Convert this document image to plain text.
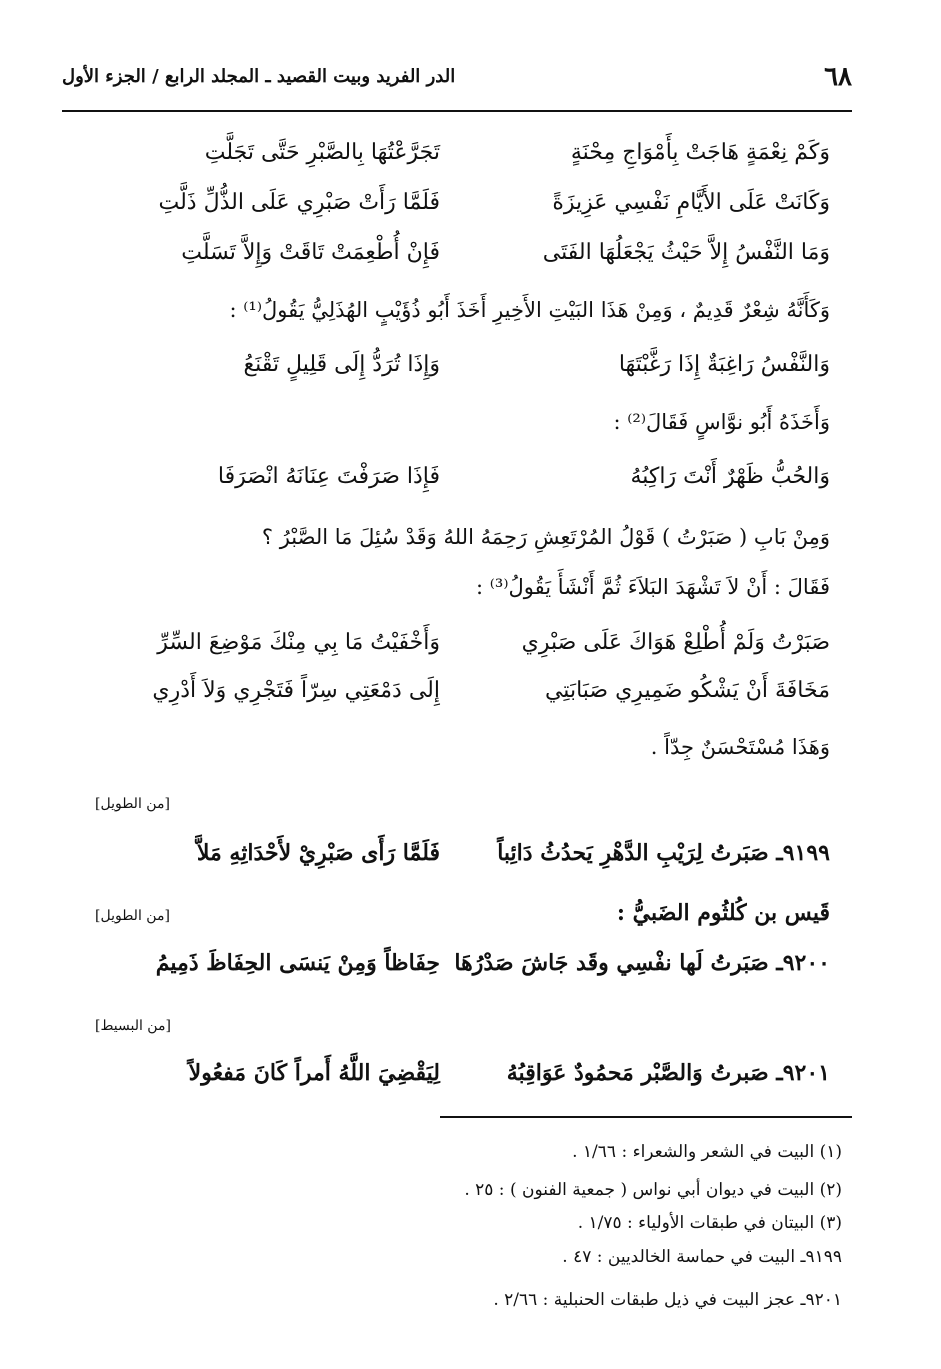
٦٨
الدر الفريد وبيت القصيد ـ المجلد الرابع / الجزء الأول
وَكَمْ نِعْمَةٍ هَاجَتْ بِأَمْوَاجِ مِحْنَةٍ
تَجَرَّعْتُهَا بِالصَّبْرِ حَتَّى تَجَلَّتِ
وَكَانَتْ عَلَى الأَيَّامِ نَفْسِي عَزِيزَةً
فَلَمَّا رَأَتْ صَبْرِي عَلَى الذُّلِّ ذَلَّتِ
وَمَا النَّفْسُ إِلاَّ حَيْثُ يَجْعَلُهَا الفَتَى
فَإِنْ أُطْعِمَتْ تَاقَتْ وَإِلاَّ تَسَلَّتِ
وَكَأَنَّهُ شِعْرٌ قَدِيمٌ ، وَمِنْ هَذَا البَيْتِ الأَخِيرِ أَخَذَ أَبُو ذُؤَيْبٍ الهُذَلِيُّ يَقُولُ⁽¹⁾ :
وَالنَّفْسُ رَاغِبَةٌ إِذَا رَغَّبْتَهَا
وَإِذَا تُرَدُّ إِلَى قَلِيلٍ تَقْنَعُ
وَأَخَذَهُ أَبُو نوَّاسٍ فَقَالَ⁽²⁾ :
وَالحُبُّ ظَهْرٌ أَنْتَ رَاكِبُهُ
فَإِذَا صَرَفْتَ عِنَانَهُ انْصَرَفَا
وَمِنْ بَابِ ( صَبَرْتُ ) قَوْلُ المُرْتَعِشِ رَحِمَهُ اللهُ وَقَدْ سُئِلَ مَا الصَّبْرُ ؟
فَقَالَ : أَنْ لاَ تَشْهَدَ البَلاَءَ ثُمَّ أَنْشَأَ يَقُولُ⁽³⁾ :
صَبَرْتُ وَلَمْ أُطْلِعْ هَوَاكَ عَلَى صَبْرِي
وَأَخْفَيْتُ مَا بِي مِنْكَ مَوْضِعَ السِّرِّ
مَخَافَةَ أَنْ يَشْكُو ضَمِيرِي صَبَابَتِي
إِلَى دَمْعَتِي سِرّاً فَتَجْرِي وَلاَ أَدْرِي
وَهَذَا مُسْتَحْسَنٌ جِدّاً .
[من الطويل]
٩١٩٩ـ صَبَرتُ لِرَيْبِ الدَّهْرِ يَحدُثُ دَائِباً
فَلَمَّا رَأَى صَبْرِيْ لأَحْدَاثِهِ مَلاَّ
قَيس بن كُلثُوم الضَبيُّ :
[من الطويل]
٩٢٠٠ـ صَبَرتُ لَها نفْسِي وقَد جَاشَ صَدْرُهَا
حِفَاظاً وَمِنْ يَنسَى الحِفَاظَ ذَمِيمُ
[من البسيط]
٩٢٠١ـ صَبرتُ وَالصَّبْر مَحمُودٌ عَوَاقِبُهُ
لِيَقْضِيَ اللَّهُ أَمراً كَانَ مَفعُولاً
(١) البيت في الشعر والشعراء : ١/٦٦ .
(٢) البيت في ديوان أبي نواس ( جمعية الفنون ) : ٢٥ .
(٣) البيتان في طبقات الأولياء : ١/٧٥ .
٩١٩٩ـ البيت في حماسة الخالديين : ٤٧ .
٩٢٠١ـ عجز البيت في ذيل طبقات الحنبلية : ٢/٦٦ .
